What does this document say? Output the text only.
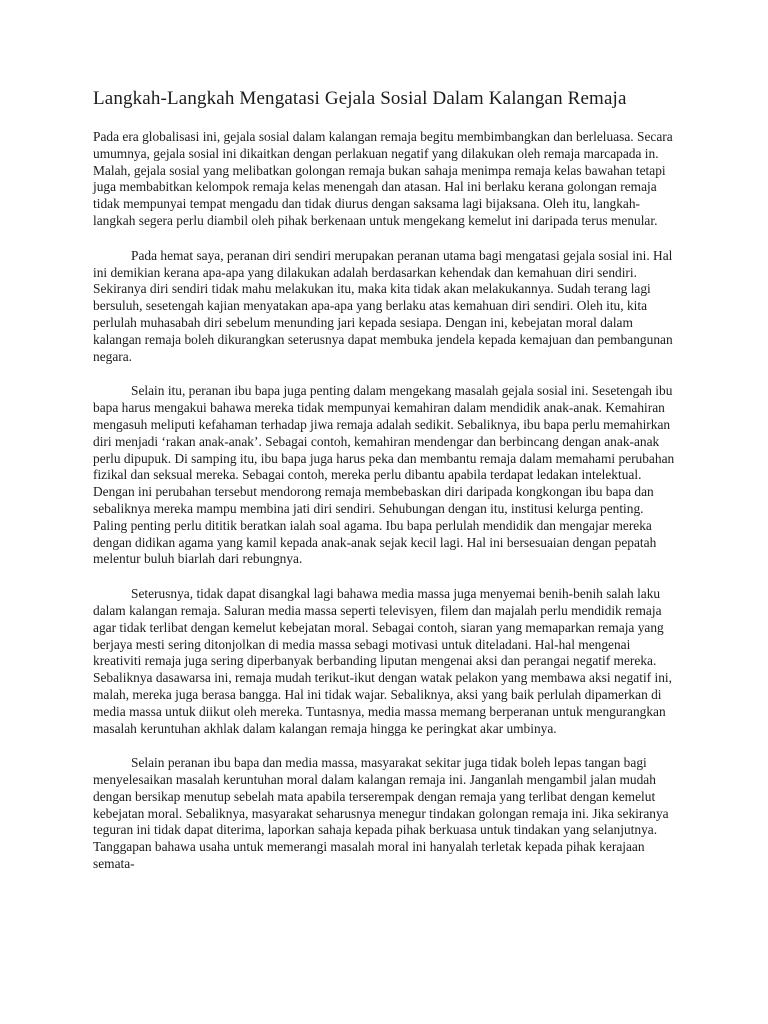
Langkah-Langkah Mengatasi Gejala Sosial Dalam Kalangan Remaja

Pada era globalisasi ini, gejala sosial dalam kalangan remaja begitu membimbangkan dan berleluasa. Secara umumnya, gejala sosial ini dikaitkan dengan perlakuan negatif yang dilakukan oleh remaja marcapada in. Malah, gejala sosial yang melibatkan golongan remaja bukan sahaja menimpa remaja kelas bawahan tetapi juga membabitkan kelompok remaja kelas menengah dan atasan. Hal ini berlaku kerana golongan remaja tidak mempunyai tempat mengadu dan tidak diurus dengan saksama lagi bijaksana. Oleh itu, langkah-langkah segera perlu diambil oleh pihak berkenaan untuk mengekang kemelut ini daripada terus menular.

Pada hemat saya, peranan diri sendiri merupakan peranan utama bagi mengatasi gejala sosial ini. Hal ini demikian kerana apa-apa yang dilakukan adalah berdasarkan kehendak dan kemahuan diri sendiri. Sekiranya diri sendiri tidak mahu melakukan itu, maka kita tidak akan melakukannya. Sudah terang lagi bersuluh, sesetengah kajian menyatakan apa-apa yang berlaku atas kemahuan diri sendiri. Oleh itu, kita perlulah muhasabah diri sebelum menunding jari kepada sesiapa. Dengan ini, kebejatan moral dalam kalangan remaja boleh dikurangkan seterusnya dapat membuka jendela kepada kemajuan dan pembangunan negara.

Selain itu, peranan ibu bapa juga penting dalam mengekang masalah gejala sosial ini. Sesetengah ibu bapa harus mengakui bahawa mereka tidak mempunyai kemahiran dalam mendidik anak-anak. Kemahiran mengasuh meliputi kefahaman terhadap jiwa remaja adalah sedikit. Sebaliknya, ibu bapa perlu memahirkan diri menjadi ‘rakan anak-anak’. Sebagai contoh, kemahiran mendengar dan berbincang dengan anak-anak perlu dipupuk. Di samping itu, ibu bapa juga harus peka dan membantu remaja dalam memahami perubahan fizikal dan seksual mereka. Sebagai contoh, mereka perlu dibantu apabila terdapat ledakan intelektual. Dengan ini perubahan tersebut mendorong remaja membebaskan diri daripada kongkongan ibu bapa dan sebaliknya mereka mampu membina jati diri sendiri. Sehubungan dengan itu, institusi kelurga penting. Paling penting perlu dititik beratkan ialah soal agama. Ibu bapa perlulah mendidik dan mengajar mereka dengan didikan agama yang kamil kepada anak-anak sejak kecil lagi. Hal ini bersesuaian dengan pepatah melentur buluh biarlah dari rebungnya.

Seterusnya, tidak dapat disangkal lagi bahawa media massa juga menyemai benih-benih salah laku dalam kalangan remaja. Saluran media massa seperti televisyen, filem dan majalah perlu mendidik remaja agar tidak terlibat dengan kemelut kebejatan moral. Sebagai contoh, siaran yang memaparkan remaja yang berjaya mesti sering ditonjolkan di media massa sebagi motivasi untuk diteladani. Hal-hal mengenai kreativiti remaja juga sering diperbanyak berbanding liputan mengenai aksi dan perangai negatif mereka. Sebaliknya dasawarsa ini, remaja mudah terikut-ikut dengan watak pelakon yang membawa aksi negatif ini, malah, mereka juga berasa bangga. Hal ini tidak wajar. Sebaliknya, aksi yang baik perlulah dipamerkan di media massa untuk diikut oleh mereka. Tuntasnya, media massa memang berperanan untuk mengurangkan masalah keruntuhan akhlak dalam kalangan remaja hingga ke peringkat akar umbinya.

Selain peranan ibu bapa dan media massa, masyarakat sekitar juga tidak boleh lepas tangan bagi menyelesaikan masalah keruntuhan moral dalam kalangan remaja ini. Janganlah mengambil jalan mudah dengan bersikap menutup sebelah mata apabila terserempak dengan remaja yang terlibat dengan kemelut kebejatan moral. Sebaliknya, masyarakat seharusnya menegur tindakan golongan remaja ini. Jika sekiranya teguran ini tidak dapat diterima, laporkan sahaja kepada pihak berkuasa untuk tindakan yang selanjutnya. Tanggapan bahawa usaha untuk memerangi masalah moral ini hanyalah terletak kepada pihak kerajaan semata-
